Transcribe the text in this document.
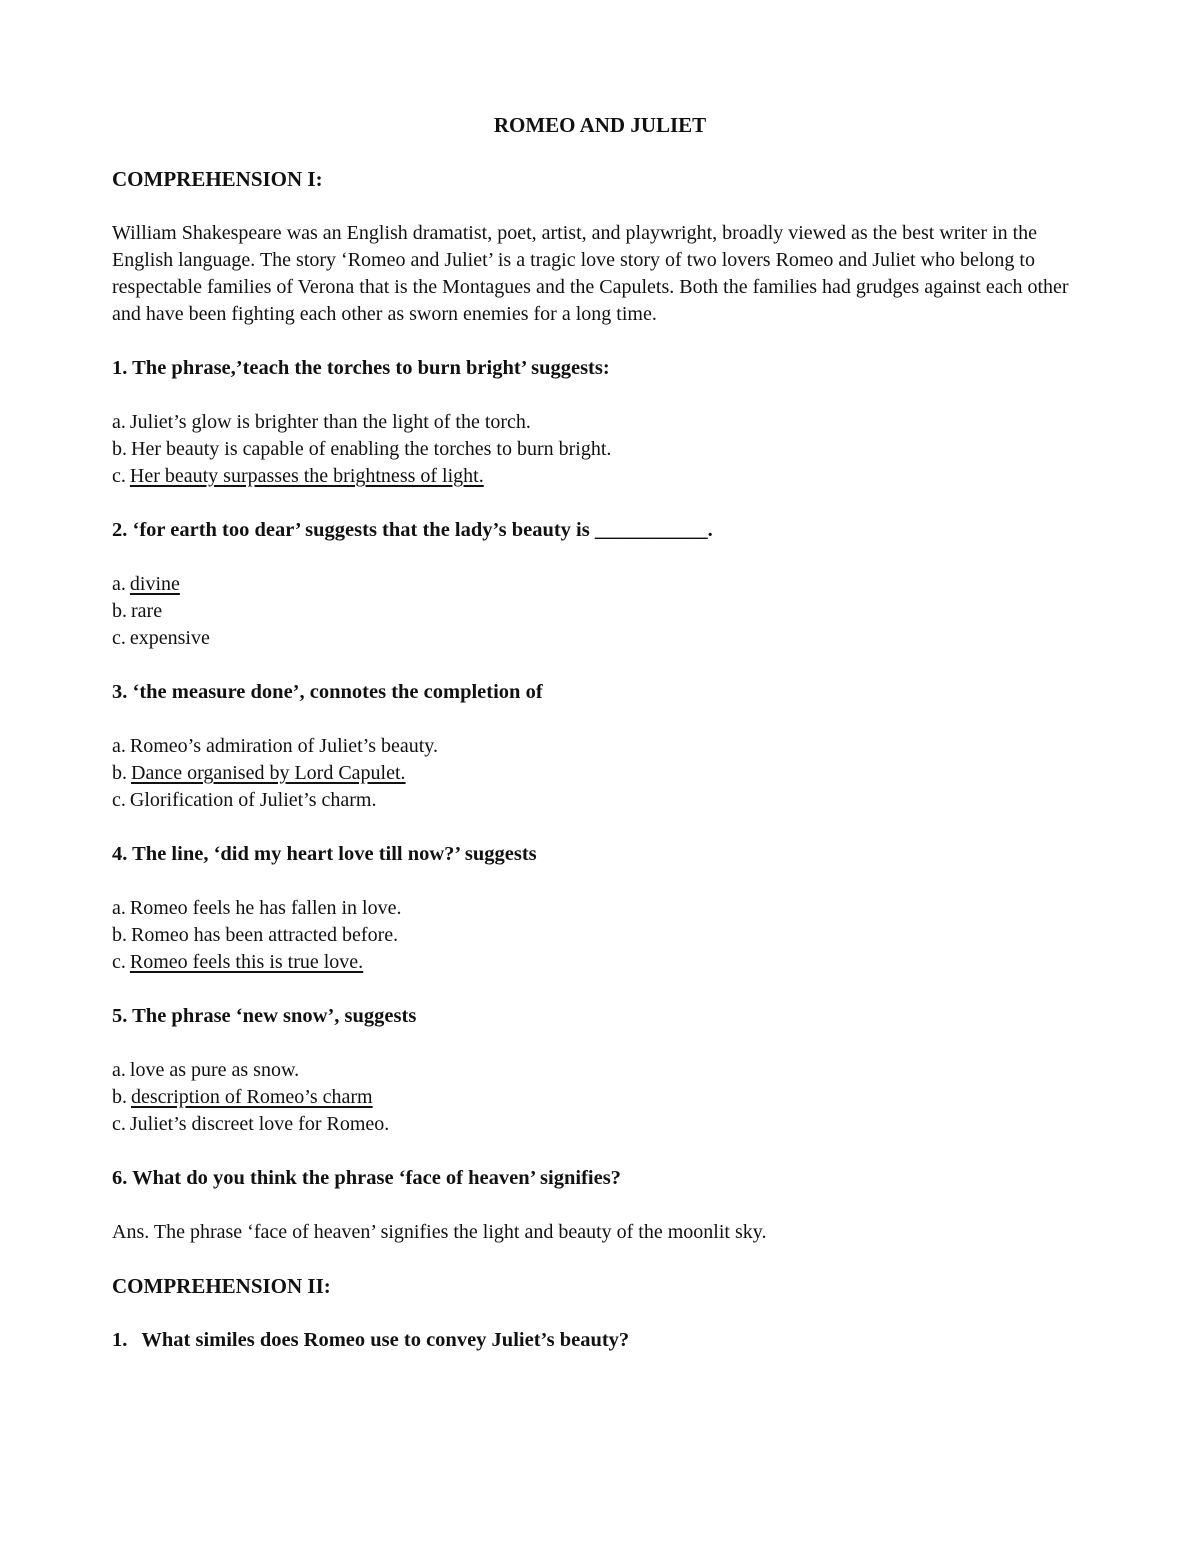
ROMEO AND JULIET
COMPREHENSION I:

William Shakespeare was an English dramatist, poet, artist, and playwright, broadly viewed as the best writer in the English language. The story ‘Romeo and Juliet’ is a tragic love story of two lovers Romeo and Juliet who belong to respectable families of Verona that is the Montagues and the Capulets. Both the families had grudges against each other and have been fighting each other as sworn enemies for a long time.

1. The phrase,’teach the torches to burn bright’ suggests:

a. Juliet’s glow is brighter than the light of the torch.
b. Her beauty is capable of enabling the torches to burn bright.
c. Her beauty surpasses the brightness of light.

2. ‘for earth too dear’ suggests that the lady’s beauty is ___________.

a. divine
b. rare
c. expensive

3. ‘the measure done’, connotes the completion of

a. Romeo’s admiration of Juliet’s beauty.
b. Dance organised by Lord Capulet.
c. Glorification of Juliet’s charm.

4. The line, ‘did my heart love till now?’ suggests

a. Romeo feels he has fallen in love.
b. Romeo has been attracted before.
c. Romeo feels this is true love.

5. The phrase ‘new snow’, suggests

a. love as pure as snow.
b. description of Romeo’s charm
c. Juliet’s discreet love for Romeo.

6. What do you think the phrase ‘face of heaven’ signifies?

Ans. The phrase ‘face of heaven’ signifies the light and beauty of the moonlit sky.

COMPREHENSION II:

1. What similes does Romeo use to convey Juliet’s beauty?
